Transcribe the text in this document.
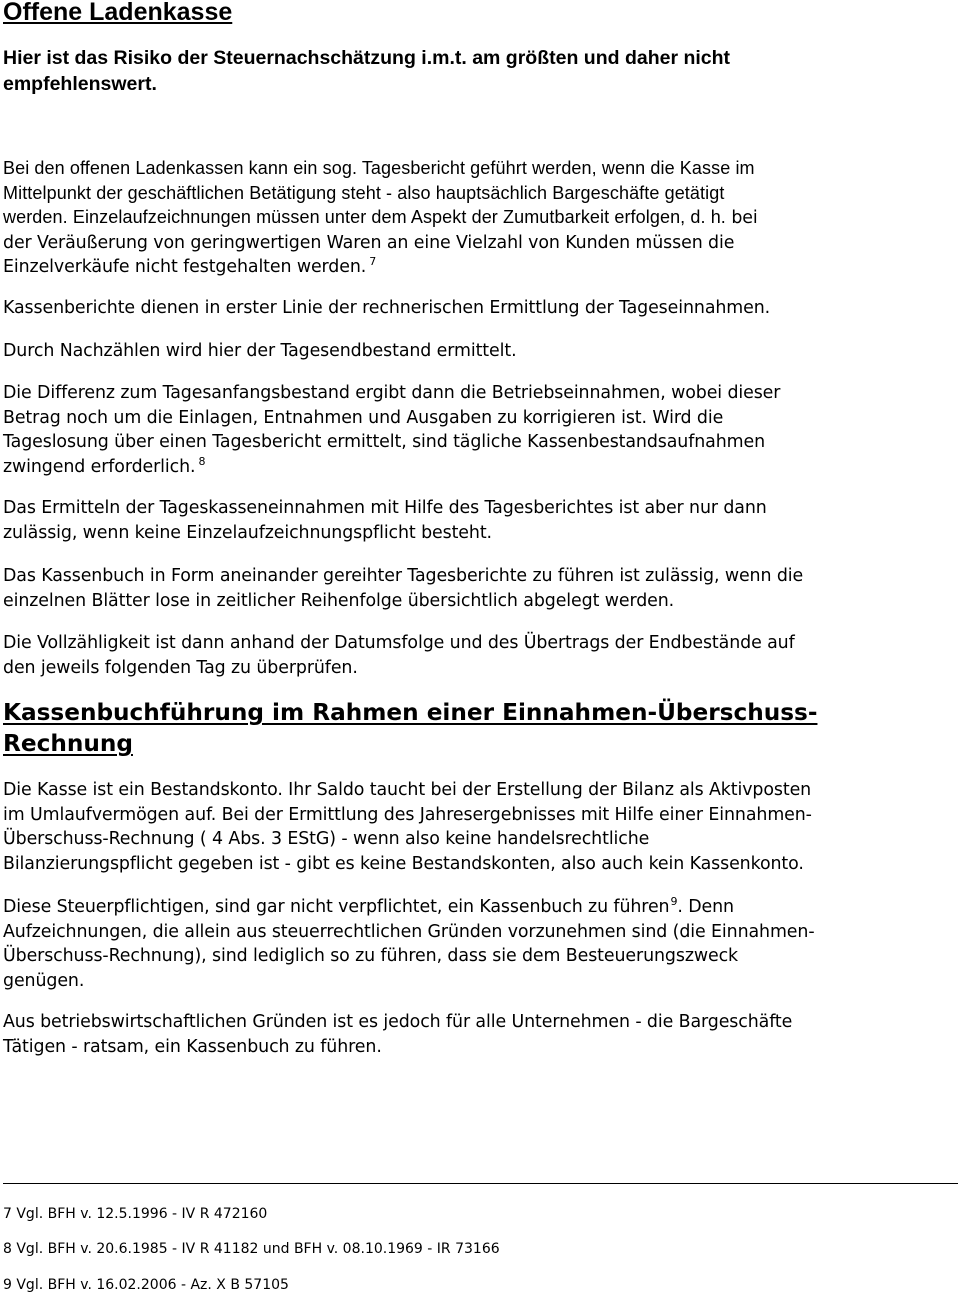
Offene Ladenkasse

Hier ist das Risiko der Steuernachschätzung i.m.t. am größten und daher nicht
empfehlenswert.

Bei den offenen Ladenkassen kann ein sog. Tagesbericht geführt werden, wenn die Kasse im
Mittelpunkt der geschäftlichen Betätigung steht - also hauptsächlich Bargeschäfte getätigt
werden. Einzelaufzeichnungen müssen unter dem Aspekt der Zumutbarkeit erfolgen, d. h. bei
der Veräußerung von geringwertigen Waren an eine Vielzahl von Kunden müssen die
Einzelverkäufe nicht festgehalten werden. $^7$

Kassenberichte dienen in erster Linie der rechnerischen Ermittlung der Tageseinnahmen.

Durch Nachzählen wird hier der Tagesendbestand ermittelt.

Die Differenz zum Tagesanfangsbestand ergibt dann die Betriebseinnahmen, wobei dieser
Betrag noch um die Einlagen, Entnahmen und Ausgaben zu korrigieren ist. Wird die
Tageslosung über einen Tagesbericht ermittelt, sind tägliche Kassenbestandsaufnahmen
zwingend erforderlich. $^8$

Das Ermitteln der Tageskasseneinnahmen mit Hilfe des Tagesberichtes ist aber nur dann
zulässig, wenn keine Einzelaufzeichnungspflicht besteht.

Das Kassenbuch in Form aneinander gereihter Tagesberichte zu führen ist zulässig, wenn die
einzelnen Blätter lose in zeitlicher Reihenfolge übersichtlich abgelegt werden.

Die Vollzähligkeit ist dann anhand der Datumsfolge und des Übertrags der Endbestände auf
den jeweils folgenden Tag zu überprüfen.

Kassenbuchführung im Rahmen einer Einnahmen-Überschuss-
Rechnung

Die Kasse ist ein Bestandskonto. Ihr Saldo taucht bei der Erstellung der Bilanz als Aktivposten
im Umlaufvermögen auf. Bei der Ermittlung des Jahresergebnisses mit Hilfe einer Einnahmen-
Überschuss-Rechnung ( 4 Abs. 3 EStG) - wenn also keine handelsrechtliche
Bilanzierungspflicht gegeben ist - gibt es keine Bestandskonten, also auch kein Kassenkonto.

Diese Steuerpflichtigen, sind gar nicht verpflichtet, ein Kassenbuch zu führen$^9$. Denn
Aufzeichnungen, die allein aus steuerrechtlichen Gründen vorzunehmen sind (die Einnahmen-
Überschuss-Rechnung), sind lediglich so zu führen, dass sie dem Besteuerungszweck
genügen.

Aus betriebswirtschaftlichen Gründen ist es jedoch für alle Unternehmen - die Bargeschäfte
Tätigen - ratsam, ein Kassenbuch zu führen.

7 Vgl. BFH v. 12.5.1996 - IV R 472160

8 Vgl. BFH v. 20.6.1985 - IV R 41182 und BFH v. 08.10.1969 - IR 73166

9 Vgl. BFH v. 16.02.2006 - Az. X B 57105
